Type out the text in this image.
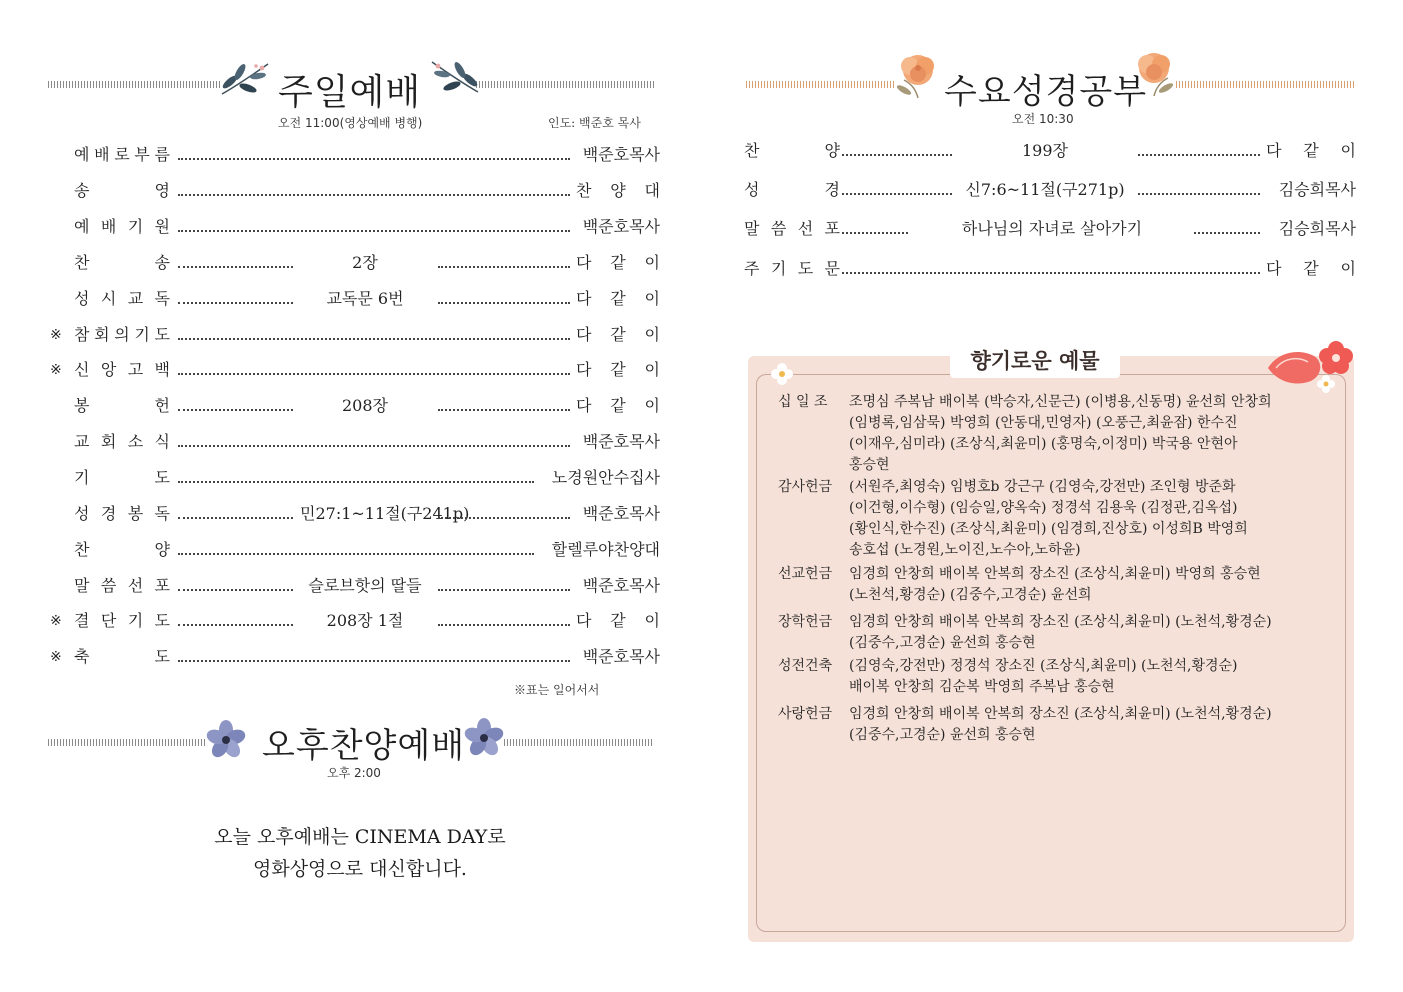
주일예배
오전 11:00(영상예배 병행)	인도: 백준호 목사
예 배 로 부 름	백준호목사
송	영	찬 양 대
예 배 기 원	백준호목사
찬	송	2장	다 같 이
성 시 교 독	교독문 6번	다 같 이
※ 참 회 의 기 도	다 같 이
※ 신 앙 고 백	다 같 이
봉	헌	208장	다 같 이
교 회 소 식	백준호목사
기	도	노경원안수집사
성 경 봉 독	민27:1~11절(구241p)	백준호목사
찬	양	할렐루야찬양대
말 씀 선 포	슬로브핫의 딸들	백준호목사
※ 결 단 기 도	208장 1절	다 같 이
※ 축	도	백준호목사
※표는 일어서서
오후찬양예배
오후 2:00
오늘 오후예배는 CINEMA DAY로
영화상영으로 대신합니다.
수요성경공부
오전 10:30
찬	양	199장	다 같 이
성	경	신7:6~11절(구271p)	김승희목사
말 씀 선 포	하나님의 자녀로 살아가기	김승희목사
주 기 도 문	다 같 이
향기로운 예물
십 일 조	조명심 주복남 배이복 (박승자,신문근) (이병용,신동명) 윤선희 안창희
(임병록,임삼묵) 박영희 (안동대,민영자) (오풍근,최윤잠) 한수진
(이재우,심미라) (조상식,최윤미) (홍명숙,이정미) 박국용 안현아
홍승현
감사헌금	(서원주,최영숙) 임병호b 강근구 (김영숙,강전만) 조인형 방준화
(이건형,이수형) (임승일,양옥숙) 정경석 김용욱 (김정관,김옥섭)
(황인식,한수진) (조상식,최윤미) (임경희,진상호) 이성희B 박영희
송호섭 (노경원,노이진,노수아,노하윤)
선교헌금	임경희 안창희 배이복 안복희 장소진 (조상식,최윤미) 박영희 홍승현
(노천석,황경순) (김중수,고경순) 윤선희
장학헌금	임경희 안창희 배이복 안복희 장소진 (조상식,최윤미) (노천석,황경순)
(김중수,고경순) 윤선희 홍승현
성전건축	(김영숙,강전만) 정경석 장소진 (조상식,최윤미) (노천석,황경순)
배이복 안창희 김순복 박영희 주복남 홍승현
사랑헌금	임경희 안창희 배이복 안복희 장소진 (조상식,최윤미) (노천석,황경순)
(김중수,고경순) 윤선희 홍승현
